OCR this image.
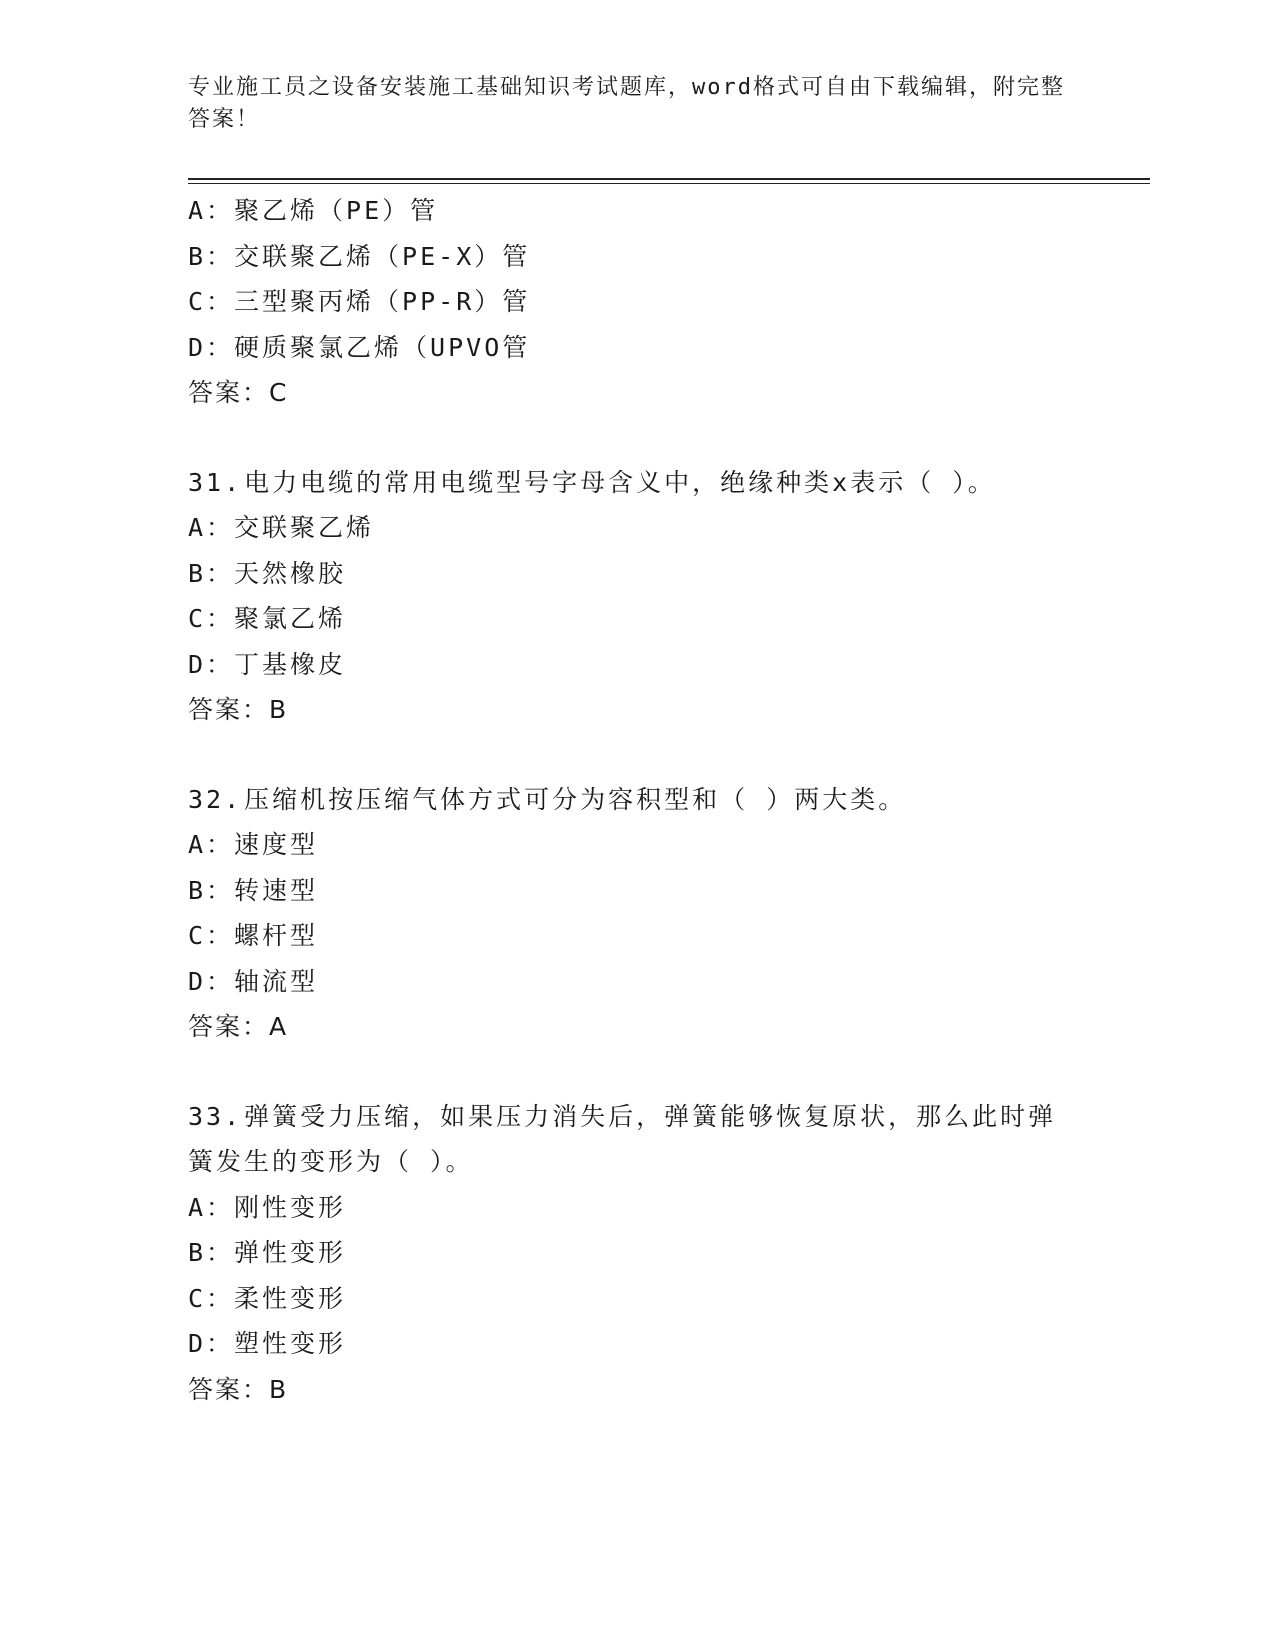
专业施工员之设备安装施工基础知识考试题库，word格式可自由下载编辑，附完整答案！
A：聚乙烯（PE）管
B：交联聚乙烯（PE-X）管
C：三型聚丙烯（PP-R）管
D：硬质聚氯乙烯（UPVO管
答案：C
31.电力电缆的常用电缆型号字母含义中，绝缘种类x表示（ ）。
A：交联聚乙烯
B：天然橡胶
C：聚氯乙烯
D：丁基橡皮
答案：B
32.压缩机按压缩气体方式可分为容积型和（ ）两大类。
A：速度型
B：转速型
C：螺杆型
D：轴流型
答案：A
33.弹簧受力压缩，如果压力消失后，弹簧能够恢复原状，那么此时弹簧发生的变形为（ ）。
A：刚性变形
B：弹性变形
C：柔性变形
D：塑性变形
答案：B
